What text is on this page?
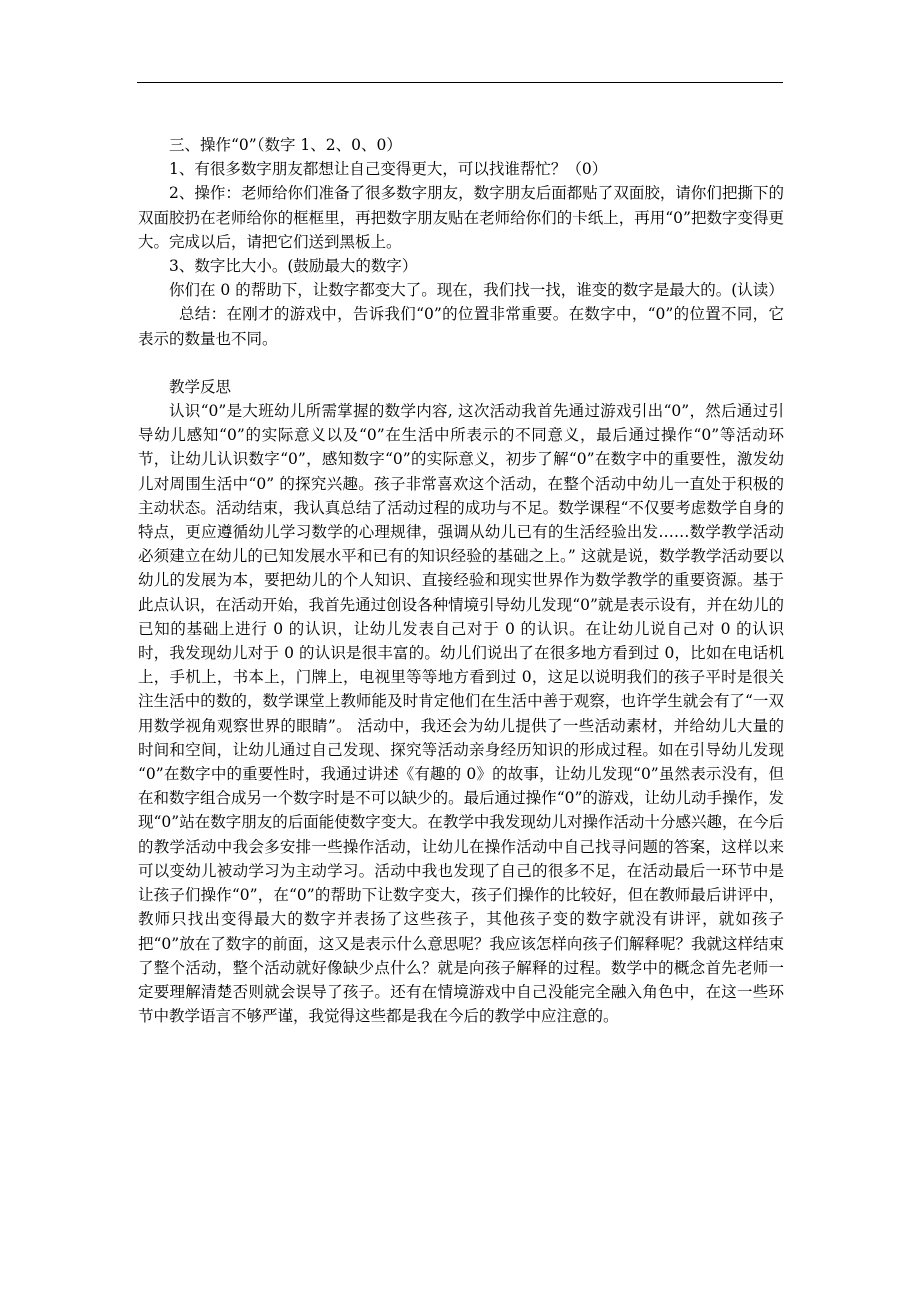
三、操作“0”（数字 1、2、0、0）

1、有很多数字朋友都想让自己变得更大，可以找谁帮忙？（0）

2、操作：老师给你们准备了很多数字朋友，数字朋友后面都贴了双面胶，请你们把撕下的双面胶扔在老师给你的框框里，再把数字朋友贴在老师给你们的卡纸上，再用“0”把数字变得更大。完成以后，请把它们送到黑板上。

3、数字比大小。(鼓励最大的数字）

你们在 0 的帮助下，让数字都变大了。现在，我们找一找，谁变的数字是最大的。(认读）

总结：在刚才的游戏中，告诉我们“0”的位置非常重要。在数字中，“0”的位置不同，它表示的数量也不同。

教学反思

认识“0”是大班幼儿所需掌握的数学内容, 这次活动我首先通过游戏引出“0”，然后通过引导幼儿感知“0”的实际意义以及“0”在生活中所表示的不同意义，最后通过操作“0”等活动环节，让幼儿认识数字“0”，感知数字“0”的实际意义，初步了解“0”在数字中的重要性，激发幼儿对周围生活中“0” 的探究兴趣。孩子非常喜欢这个活动，在整个活动中幼儿一直处于积极的主动状态。活动结束，我认真总结了活动过程的成功与不足。数学课程“不仅要考虑数学自身的特点，更应遵循幼儿学习数学的心理规律，强调从幼儿已有的生活经验出发……数学教学活动必须建立在幼儿的已知发展水平和已有的知识经验的基础之上。” 这就是说，数学教学活动要以幼儿的发展为本，要把幼儿的个人知识、直接经验和现实世界作为数学教学的重要资源。基于此点认识，在活动开始，我首先通过创设各种情境引导幼儿发现“0”就是表示设有，并在幼儿的已知的基础上进行 0 的认识，让幼儿发表自己对于 0 的认识。在让幼儿说自己对 0 的认识时，我发现幼儿对于 0 的认识是很丰富的。幼儿们说出了在很多地方看到过 0，比如在电话机上，手机上，书本上，门牌上，电视里等等地方看到过 0，这足以说明我们的孩子平时是很关注生活中的数的，数学课堂上教师能及时肯定他们在生活中善于观察，也许学生就会有了“一双用数学视角观察世界的眼睛”。 活动中，我还会为幼儿提供了一些活动素材，并给幼儿大量的时间和空间，让幼儿通过自己发现、探究等活动亲身经历知识的形成过程。如在引导幼儿发现 “0”在数字中的重要性时，我通过讲述《有趣的 0》的故事，让幼儿发现“0”虽然表示没有，但在和数字组合成另一个数字时是不可以缺少的。最后通过操作“0”的游戏，让幼儿动手操作，发现“0”站在数字朋友的后面能使数字变大。在教学中我发现幼儿对操作活动十分感兴趣，在今后的教学活动中我会多安排一些操作活动，让幼儿在操作活动中自己找寻问题的答案，这样以来可以变幼儿被动学习为主动学习。活动中我也发现了自己的很多不足，在活动最后一环节中是让孩子们操作“0”，在“0”的帮助下让数字变大，孩子们操作的比较好，但在教师最后讲评中，教师只找出变得最大的数字并表扬了这些孩子，其他孩子变的数字就没有讲评，就如孩子把“0”放在了数字的前面，这又是表示什么意思呢？我应该怎样向孩子们解释呢？我就这样结束了整个活动，整个活动就好像缺少点什么？就是向孩子解释的过程。数学中的概念首先老师一定要理解清楚否则就会误导了孩子。还有在情境游戏中自己没能完全融入角色中，在这一些环节中教学语言不够严谨，我觉得这些都是我在今后的教学中应注意的。
